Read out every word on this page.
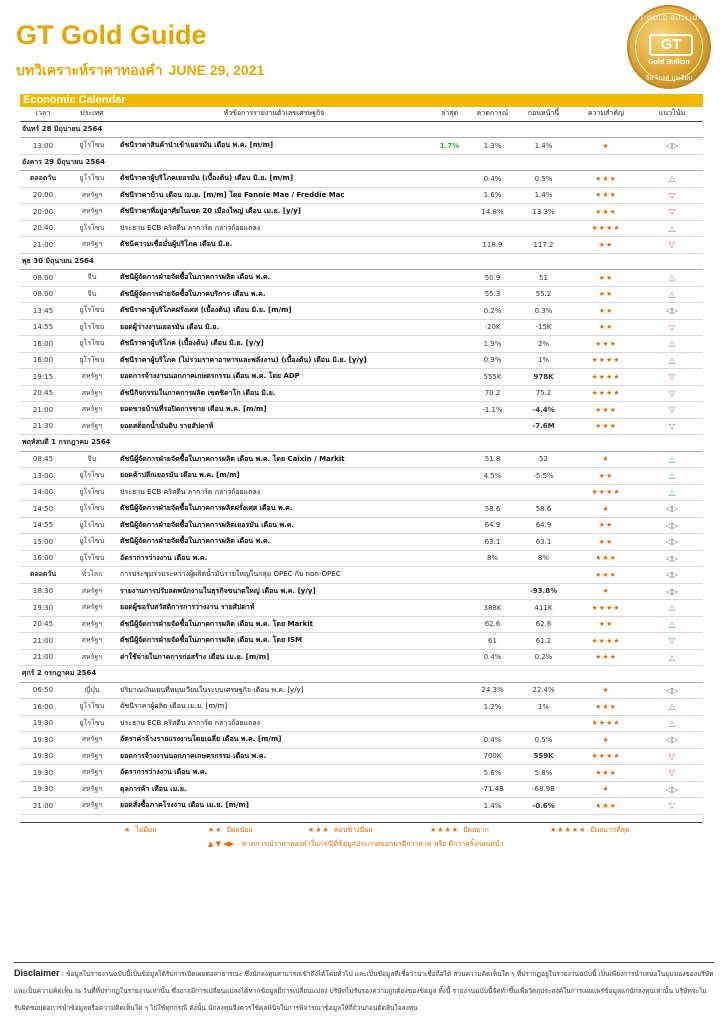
GT Gold Guide
บทวิเคราะห์ราคาทองคำ JUNE 29, 2021
GT GOLD BULLION
GT
Gold Bullion
จีที โกลด์ บูลเลี่ยน
Economic Calendar
เวลา	ประเทศ	หัวข้อการรายงานตัวเลขเศรษฐกิจ	ล่าสุด	คาดการณ์	ก่อนหน้านี้	ความสำคัญ	แนวโน้ม
จันทร์ 28 มิถุนายน 2564							
13:00	ยูโรโซน	ดัชนีราคาสินค้านำเข้าเยอรมัน เดือน พ.ค. [m/m]	1.7%	1.3%	1.4%	★	◁▷
อังคาร 29 มิถุนายน 2564							
ตลอดวัน	ยูโรโซน	ดัชนีราคาผู้บริโภคเยอรมัน (เบื้องต้น) เดือน มิ.ย. [m/m]		0.4%	0.5%	★★★	△
20:00	สหรัฐฯ	ดัชนีราคาบ้าน เดือน เม.ย. [m/m] โดย Fannie Mae / Freddie Mac		1.6%	1.4%	★★★	▽
20:00	สหรัฐฯ	ดัชนีราคาที่อยู่อาศัยในเขต 20 เมืองใหญ่ เดือน เม.ย. [y/y]		14.8%	13.3%	★★★	▽
20:40	ยูโรโซน	ประธาน ECB คริสตีน ลาการ์ด กล่าวถ้อยแถลง				★★★★	△
21:00	สหรัฐฯ	ดัชนีความเชื่อมั่นผู้บริโภค เดือน มิ.ย.		118.9	117.2	★★	▽
พุธ 30 มิถุนายน 2564							
08:00	จีน	ดัชนีผู้จัดการฝ่ายจัดซื้อในภาคการผลิต เดือน พ.ค.		50.9	51	★★	△
08:00	จีน	ดัชนีผู้จัดการฝ่ายจัดซื้อในภาคบริการ เดือน พ.ค.		55.3	55.2	★★	△
13:45	ยูโรโซน	ดัชนีราคาผู้บริโภคฝรั่งเศส (เบื้องต้น) เดือน มิ.ย. [m/m]		0.2%	0.3%	★★	◁▷
14:55	ยูโรโซน	ยอดผู้ว่างงานเยอรมัน เดือน มิ.ย.		-20K	-15K	★★	▽
16:00	ยูโรโซน	ดัชนีราคาผู้บริโภค (เบื้องต้น) เดือน มิ.ย. [y/y]		1.9%	2%	★★★	△
16:00	ยูโรโซน	ดัชนีราคาผู้บริโภค (ไม่รวมราคาอาหารและพลังงาน) (เบื้องต้น) เดือน มิ.ย. [y/y]		0.9%	1%	★★★★	△
19:15	สหรัฐฯ	ยอดการจ้างงานนอกภาคเกษตรกรรม เดือน พ.ค. โดย ADP		555K	978K	★★★★	▽
20:45	สหรัฐฯ	ดัชนีกิจกรรมในภาคการผลิต เขตชิคาโก เดือน มิ.ย.		70.2	75.2	★★★★	▽
21:00	สหรัฐฯ	ยอดขายบ้านที่รอปิดการขาย เดือน พ.ค. [m/m]		-1.1%	-4.4%	★★★	▽
21:30	สหรัฐฯ	ยอดสต็อกน้ำมันดิบ รายสัปดาห์			-7.6M	★★★	▽
พฤหัสบดี 1 กรกฎาคม 2564							
08:45	จีน	ดัชนีผู้จัดการฝ่ายจัดซื้อในภาคการผลิต เดือน พ.ค. โดย Caixin / Markit		51.8	52	★	△
13:00	ยูโรโซน	ยอดค้าปลีกเยอรมัน เดือน พ.ค. [m/m]		4.5%	-5.5%	★★	△
14:00	ยูโรโซน	ประธาน ECB คริสตีน ลาการ์ด กล่าวถ้อยแถลง				★★★★	△
14:50	ยูโรโซน	ดัชนีผู้จัดการฝ่ายจัดซื้อในภาคการผลิตฝรั่งเศส เดือน พ.ค.		58.6	58.6	★	◁▷
14:55	ยูโรโซน	ดัชนีผู้จัดการฝ่ายจัดซื้อในภาคการผลิตเยอรมัน เดือน พ.ค.		64.9	64.9	★★	◁▷
15:00	ยูโรโซน	ดัชนีผู้จัดการฝ่ายจัดซื้อในภาคการผลิต เดือน พ.ค.		63.1	63.1	★★	◁▷
16:00	ยูโรโซน	อัตราการว่างงาน เดือน พ.ค.		8%	8%	★★★	◁▷
ตลอดวัน	ทั่วโลก	การประชุมร่วมระหว่างผู้ผลิตน้ำมันรายใหญ่ในกลุ่ม OPEC กับ non-OPEC				★★★	◁▷
18:30	สหรัฐฯ	รายงานการปรับลดพนักงานในธุรกิจขนาดใหญ่ เดือน พ.ค. [y/y]			-93.8%	★	◁▷
19:30	สหรัฐฯ	ยอดผู้ขอรับสวัสดิการการว่างงาน รายสัปดาห์		388K	411K	★★★★	△
20:45	สหรัฐฯ	ดัชนีผู้จัดการฝ่ายจัดซื้อในภาคการผลิต เดือน พ.ค. โดย Markit		62.6	62.6	★★	△
21:00	สหรัฐฯ	ดัชนีผู้จัดการฝ่ายจัดซื้อในภาคการผลิต เดือน พ.ค. โดย ISM		61	61.2	★★★★	▽
21:00	สหรัฐฯ	ค่าใช้จ่ายในภาคการก่อสร้าง เดือน เม.ย. [m/m]		0.4%	0.2%	★★★	△
ศุกร์ 2 กรกฎาคม 2564							
06:50	ญี่ปุ่น	ปริมาณเงินเยนที่หมุนเวียนในระบบเศรษฐกิจ เดือน พ.ค. [y/y]		24.3%	22.4%	★	◁▷
16:00	ยูโรโซน	ดัชนีราคาผู้ผลิต เดือน เม.ย. [m/m]		1.2%	1%	★★★	△
19:30	ยูโรโซน	ประธาน ECB คริสตีน ลาการ์ด กล่าวถ้อยแถลง				★★★★	△
19:30	สหรัฐฯ	อัตราค่าจ้างรายแรงงานโดยเฉลี่ย เดือน พ.ค. [m/m]		0.4%	0.5%	★	◁▷
19:30	สหรัฐฯ	ยอดการจ้างงานนอกภาคเกษตรกรรม เดือน พ.ค.		700K	559K	★★★★	▽
19:30	สหรัฐฯ	อัตราการว่างงาน เดือน พ.ค.		5.6%	5.8%	★★★	▽
19:30	สหรัฐฯ	ดุลการค้า เดือน เม.ย.		-71.4B	-68.9B	★	◁▷
21:00	สหรัฐฯ	ยอดสั่งซื้อภาคโรงงาน เดือน เม.ย. [m/m]		1.4%	-0.6%	★★★	▽
★ ไม่มีผล	★★ มีผลน้อย	★★★ ค่อนข้างมีผล	★★★★ มีผลมาก	★★★★★ มีผลมากที่สุด
▲ ▼ ◀▶ คาดการณ์ราคาทองคำในกรณีที่ข้อมูลประกาศออกมาดีกว่าคาด หรือ ดีกว่าครั้งก่อนหน้า
Disclaimer : ข้อมูลในรายงานฉบับนี้เป็นข้อมูลได้รับการเปิดเผยต่อสาธารณะ ซึ่งนักลงทุนสามารถเข้าถึงได้โดยทั่วไป และเป็นข้อมูลที่เชื่อว่าน่าเชื่อถือได้ ส่วนความคิดเห็นใด ๆ ที่ปรากฏอยู่ในรายงานฉบับนี้ เป็นเพียงการนำเสนอในมุมมองของบริษัท และเป็นความคิดเห็น ณ วันที่ที่ปรากฏในรายงานเท่านั้น ซึ่งอาจมีการเปลี่ยนแปลงได้หากข้อมูลมีการเปลี่ยนแปลง บริษัทไม่รับรองความถูกต้องของข้อมูล ทั้งนี้ รายงานฉบับนี้จัดทำขึ้นเพื่อวัตถุประสงค์ในการเผยแพร่ข้อมูลแก่นักลงทุนเท่านั้น บริษัทจะไม่รับผิดชอบต่อการนำข้อมูลหรือความคิดเห็นใด ๆ ไปใช้ทุกกรณี ดังนั้น นักลงทุนจึงควรใช้ดุลพินิจในการพิจารณาข้อมูลให้ถี่ถ้วนก่อนตัดสินใจลงทุน
